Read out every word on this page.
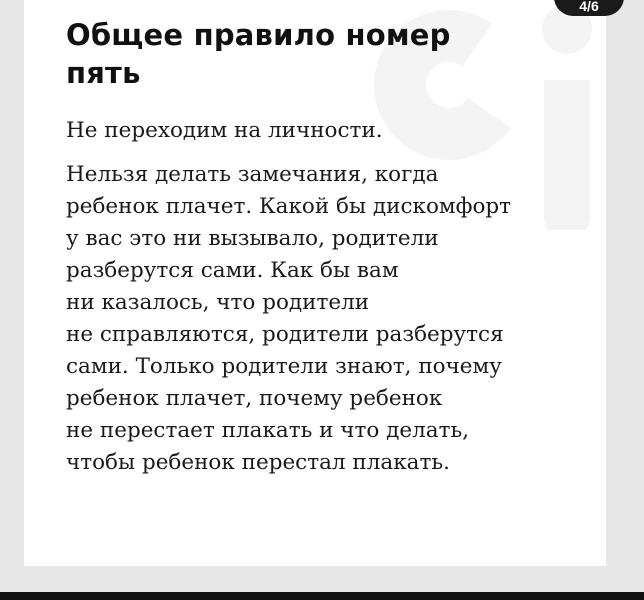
4/6
Общее правило номер
пять

Не переходим на личности.

Нельзя делать замечания, когда
ребенок плачет. Какой бы дискомфорт
у вас это ни вызывало, родители
разберутся сами. Как бы вам
ни казалось, что родители
не справляются, родители разберутся
сами. Только родители знают, почему
ребенок плачет, почему ребенок
не перестает плакать и что делать,
чтобы ребенок перестал плакать.
